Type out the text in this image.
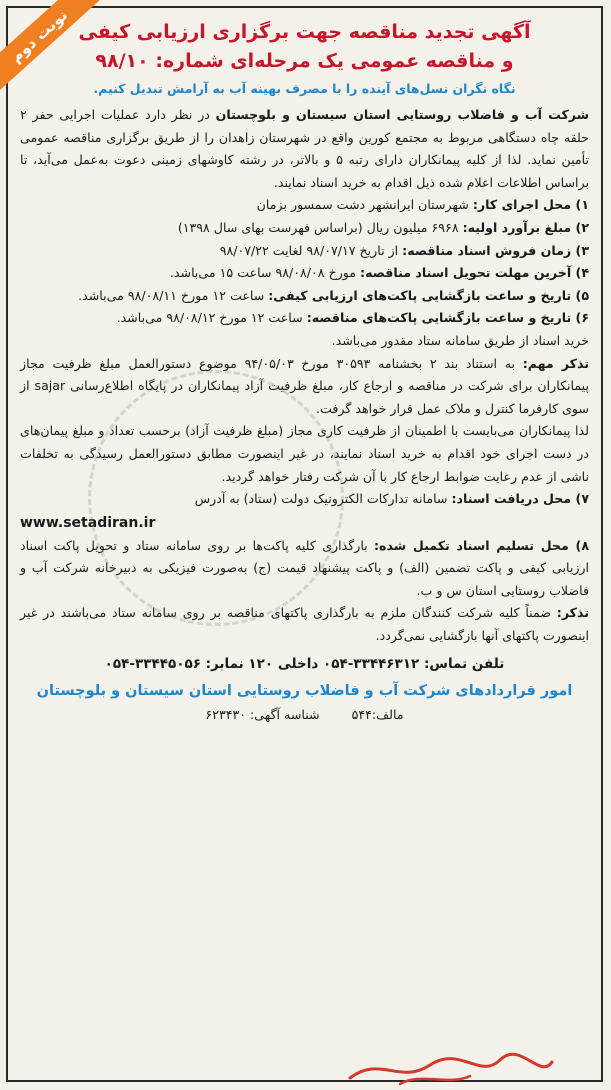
نوبت دوم آگهی تجدید مناقصه جهت برگزاری ارزیابی کیفی
و مناقصه عمومی یک مرحله‌ای شماره: ۹۸/۱۰
نگاه نگران نسل‌های آینده را با مصرف بهینه آب به آرامش تبدیل کنیم.

شرکت آب و فاضلاب روستایی استان سیستان و بلوچستان در نظر دارد عملیات اجرایی حفر ۲ حلقه چاه دستگاهی مربوط به مجتمع کورین واقع در شهرستان زاهدان را از طریق برگزاری مناقصه عمومی تأمین نماید. لذا از کلیه پیمانکاران دارای رتبه ۵ و بالاتر، در رشته کاوشهای زمینی دعوت به‌عمل می‌آید، تا براساس اطلاعات اعلام شده ذیل اقدام به خرید اسناد نمایند.

۱) محل اجرای کار: شهرستان ایرانشهر دشت سمسور بزمان

۲) مبلغ برآورد اولیه: ۶۹۶۸ میلیون ریال (براساس فهرست بهای سال ۱۳۹۸)

۳) زمان فروش اسناد مناقصه: از تاریخ ۹۸/۰۷/۱۷ لغایت ۹۸/۰۷/۲۲

۴) آخرین مهلت تحویل اسناد مناقصه: مورخ ۹۸/۰۸/۰۸ ساعت ۱۵ می‌باشد.

۵) تاریخ و ساعت بازگشایی پاکت‌های ارزیابی کیفی: ساعت ۱۲ مورخ ۹۸/۰۸/۱۱ می‌باشد.

۶) تاریخ و ساعت بازگشایی پاکت‌های مناقصه: ساعت ۱۲ مورخ ۹۸/۰۸/۱۲ می‌باشد.

خرید اسناد از طریق سامانه ستاد مقدور می‌باشد.

تذکر مهم: به استناد بند ۲ بخشنامه ۳۰۵۹۳ مورخ ۹۴/۰۵/۰۳ موضوع دستورالعمل مبلغ ظرفیت مجاز پیمانکاران برای شرکت در مناقصه و ارجاع کار، مبلغ ظرفیت آزاد پیمانکاران در پایگاه اطلاع‌رسانی sajar از سوی کارفرما کنترل و ملاک عمل قرار خواهد گرفت.

لذا پیمانکاران می‌بایست با اطمینان از ظرفیت کاری مجاز (مبلغ ظرفیت آزاد) برحسب تعداد و مبلغ پیمان‌های در دست اجرای خود اقدام به خرید اسناد نمایند، در غیر اینصورت مطابق دستورالعمل رسیدگی به تخلفات ناشی از عدم رعایت ضوابط ارجاع کار با آن شرکت رفتار خواهد گردید.

۷) محل دریافت اسناد: سامانه تدارکات الکترونیک دولت (ستاد) به آدرس

www.setadiran.ir

۸) محل تسلیم اسناد تکمیل شده: بارگذاری کلیه پاکت‌ها بر روی سامانه ستاد و تحویل پاکت اسناد ارزیابی کیفی و پاکت تضمین (الف) و پاکت پیشنهاد قیمت (ج) به‌صورت فیزیکی به دبیرخانه شرکت آب و فاضلاب روستایی استان س و ب.

تذکر: ضمناً کلیه شرکت کنندگان ملزم به بارگذاری پاکتهای مناقصه بر روی سامانه ستاد می‌باشند در غیر اینصورت پاکتهای آنها بازگشایی نمی‌گردد.

تلفن تماس: ۳۳۴۴۶۳۱۲-۰۵۴ داخلی ۱۲۰ نمابر: ۳۳۴۴۵۰۵۶-۰۵۴

امور قراردادهای شرکت آب و فاضلاب روستایی استان سیستان و بلوچستان

مالف:۵۴۴ شناسه آگهی: ۶۲۳۴۳۰
